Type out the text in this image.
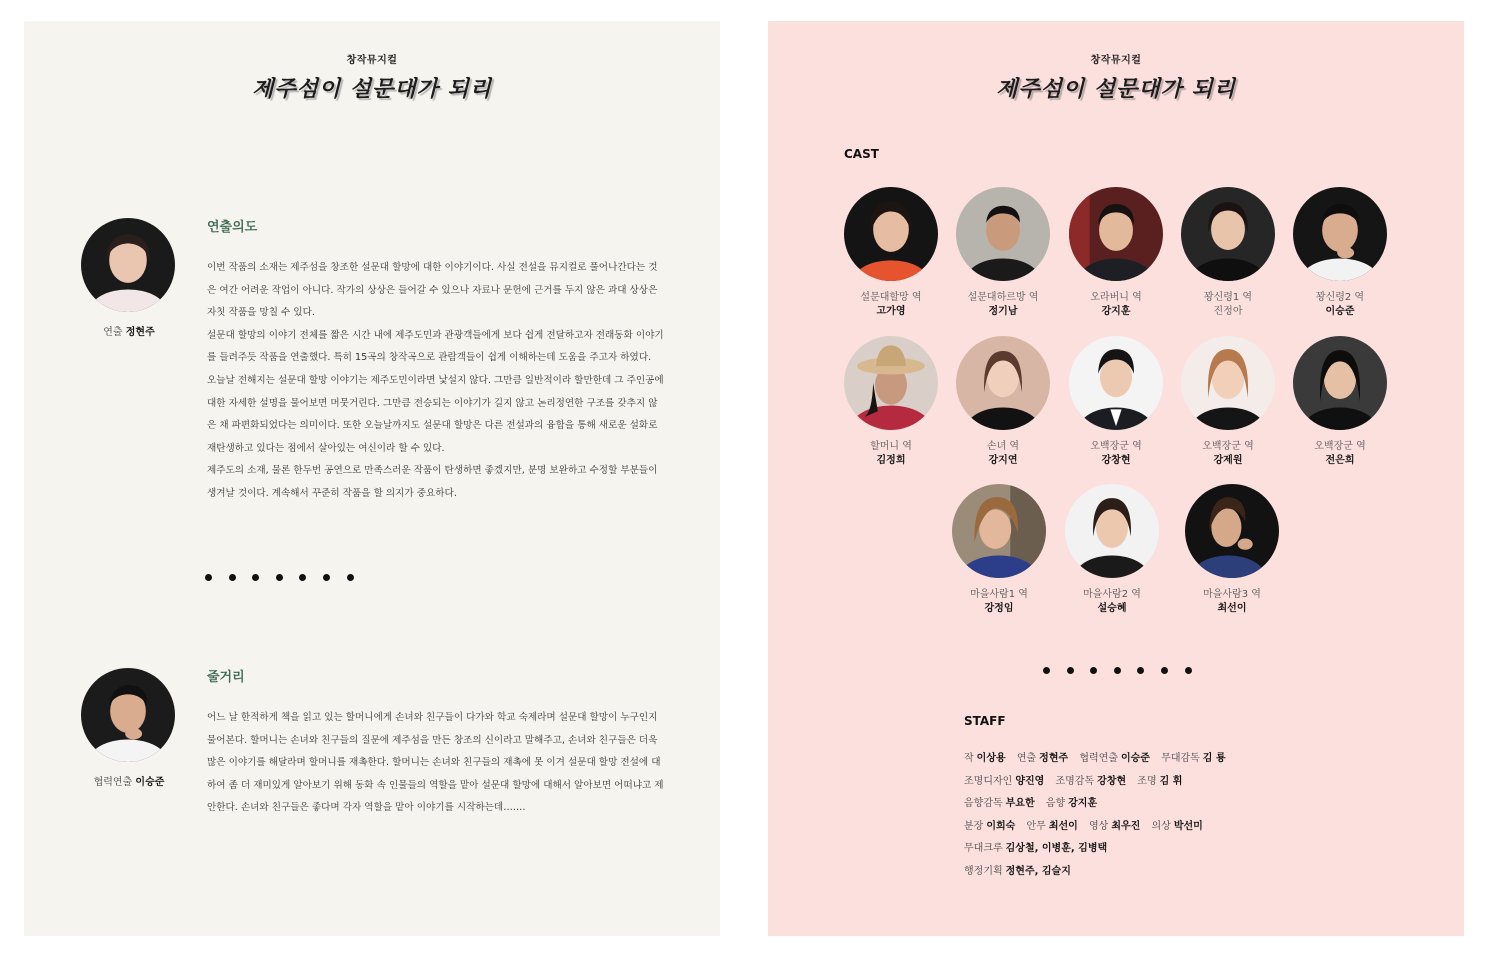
창작뮤지컬
제주섬이 설문대가 되리
연출 정현주
연출의도
이번 작품의 소재는 제주섬을 창조한 설문대 할망에 대한 이야기이다. 사실 전설을 뮤지컬로 풀어나간다는 것
은 여간 어려운 작업이 아니다. 작가의 상상은 들어갈 수 있으나 자료나 문헌에 근거를 두지 않은 과대 상상은
자칫 작품을 망칠 수 있다.
설문대 할망의 이야기 전체를 짧은 시간 내에 제주도민과 관광객들에게 보다 쉽게 전달하고자 전래동화 이야기
를 들려주듯 작품을 연출했다. 특히 15곡의 창작곡으로 관람객들이 쉽게 이해하는데 도움을 주고자 하였다.
오늘날 전해지는 설문대 할망 이야기는 제주도민이라면 낯설지 않다. 그만큼 일반적이라 할만한데 그 주인공에
대한 자세한 설명을 물어보면 머뭇거린다. 그만큼 전승되는 이야기가 길지 않고 논리정연한 구조를 갖추지 않
은 채 파편화되었다는 의미이다. 또한 오늘날까지도 설문대 할망은 다른 전설과의 융합을 통해 새로운 설화로
재탄생하고 있다는 점에서 살아있는 여신이라 할 수 있다.
제주도의 소재, 물론 한두번 공연으로 만족스러운 작품이 탄생하면 좋겠지만, 분명 보완하고 수정할 부분들이
생겨날 것이다. 계속해서 꾸준히 작품을 할 의지가 중요하다.
협력연출 이승준
줄거리
어느 날 한적하게 책을 읽고 있는 할머니에게 손녀와 친구들이 다가와 학교 숙제라며 설문대 할망이 누구인지
물어본다. 할머니는 손녀와 친구들의 질문에 제주섬을 만든 창조의 신이라고 말해주고, 손녀와 친구들은 더욱
많은 이야기를 해달라며 할머니를 재촉한다. 할머니는 손녀와 친구들의 재촉에 못 이겨 설문대 할망 전설에 대
하여 좀 더 재미있게 알아보기 위해 동화 속 인물들의 역할을 맡아 설문대 할망에 대해서 알아보면 어떠냐고 제
안한다. 손녀와 친구들은 좋다며 각자 역할을 맡아 이야기를 시작하는데…….
창작뮤지컬
제주섬이 설문대가 되리
CAST
설문대할망 역
고가영
설문대하르방 역
정기남
오라버니 역
강지훈
꽝신령1 역
진정아
꽝신령2 역
이승준
할머니 역
김정희
손녀 역
강지연
오백장군 역
강창현
오백장군 역
강제원
오백장군 역
전은희
마을사람1 역
강정임
마을사람2 역
설승혜
마을사람3 역
최선이
STAFF
작 이상용 연출 정현주 협력연출 이승준 무대감독 김 룡
조명디자인 양진영 조명감독 강창현 조명 김 휘
음향감독 부요한 음향 강지훈
분장 이희숙 안무 최선이 영상 최우진 의상 박선미
무대크루 김상철, 이병훈, 김병택
행정기획 정현주, 김슬지
